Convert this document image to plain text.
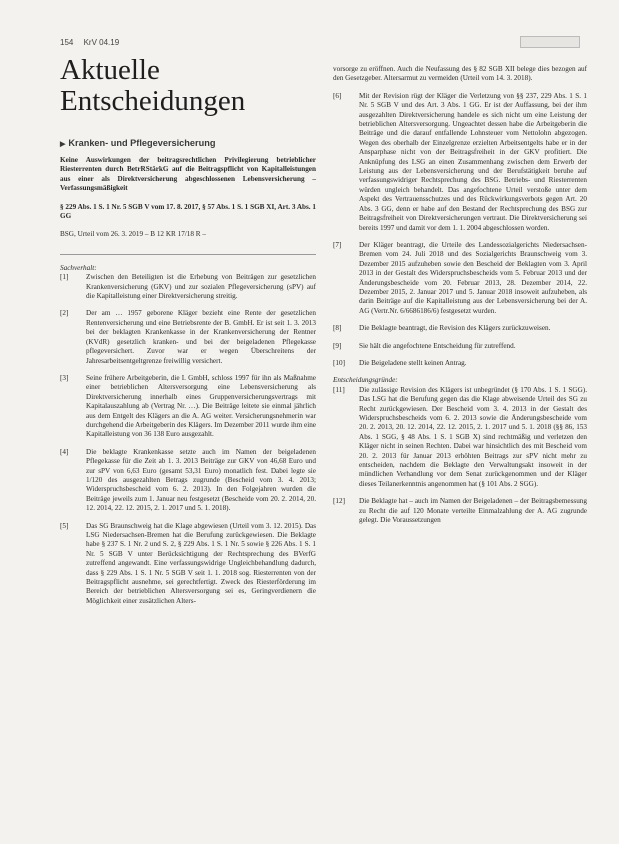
154 KrV 04.19
Aktuelle
Entscheidungen
▶ Kranken- und Pflegeversicherung

Keine Auswirkungen der beitragsrechtlichen Privilegierung betrieblicher Riesterrenten durch BetrRStärkG auf die Beitragspflicht von Kapitalleistungen aus einer als Direktversicherung abgeschlossenen Lebensversicherung – Verfassungsmäßigkeit

§ 229 Abs. 1 S. 1 Nr. 5 SGB V vom 17. 8. 2017, § 57 Abs. 1 S. 1 SGB XI, Art. 3 Abs. 1 GG

BSG, Urteil vom 26. 3. 2019 – B 12 KR 17/18 R –

Sachverhalt:

[1]	Zwischen den Beteiligten ist die Erhebung von Beiträgen zur gesetzlichen Krankenversicherung (GKV) und zur sozialen Pflegeversicherung (sPV) auf die Kapitalleistung einer Direktversicherung streitig.
[2]	Der am … 1957 geborene Kläger bezieht eine Rente der gesetzlichen Rentenversicherung und eine Betriebsrente der B. GmbH. Er ist seit 1. 3. 2013 bei der beklagten Krankenkasse in der Krankenversicherung der Rentner (KVdR) gesetzlich kranken- und bei der beigeladenen Pflegekasse pflegeversichert. Zuvor war er wegen Überschreitens der Jahresarbeitsentgeltgrenze freiwillig versichert.
[3]	Seine frühere Arbeitgeberin, die I. GmbH, schloss 1997 für ihn als Maßnahme einer betrieblichen Altersversorgung eine Lebensversicherung als Direktversicherung innerhalb eines Gruppenversicherungsvertrags mit Kapitalauszahlung ab (Vertrag Nr. …). Die Beiträge leitete sie einmal jährlich aus dem Entgelt des Klägers an die A. AG weiter. Versicherungsnehmerin war durchgehend die Arbeitgeberin des Klägers. Im Dezember 2011 wurde ihm eine Kapitalleistung von 36 138 Euro ausgezahlt.
[4]	Die beklagte Krankenkasse setzte auch im Namen der beigeladenen Pflegekasse für die Zeit ab 1. 3. 2013 Beiträge zur GKV von 46,68 Euro und zur sPV von 6,63 Euro (gesamt 53,31 Euro) monatlich fest. Dabei legte sie 1/120 des ausgezahlten Betrags zugrunde (Bescheid vom 3. 4. 2013; Widerspruchsbescheid vom 6. 2. 2013). In den Folgejahren wurden die Beiträge jeweils zum 1. Januar neu festgesetzt (Bescheide vom 20. 2. 2014, 20. 12. 2014, 22. 12. 2015, 2. 1. 2017 und 5. 1. 2018).
[5]	Das SG Braunschweig hat die Klage abgewiesen (Urteil vom 3. 12. 2015). Das LSG Niedersachsen-Bremen hat die Berufung zurückgewiesen. Die Beklagte habe § 237 S. 1 Nr. 2 und S. 2, § 229 Abs. 1 S. 1 Nr. 5 sowie § 226 Abs. 1 S. 1 Nr. 5 SGB V unter Berücksichtigung der Rechtsprechung des BVerfG zutreffend angewandt. Eine verfassungswidrige Ungleichbehandlung dadurch, dass § 229 Abs. 1 S. 1 Nr. 5 SGB V seit 1. 1. 2018 sog. Riesterrenten von der Beitragspflicht ausnehme, sei gerechtfertigt. Zweck des Riesterförderung im Bereich der betrieblichen Altersversorgung sei es, Geringverdienern die Möglichkeit einer zusätzlichen Alters-

vorsorge zu eröffnen. Auch die Neufassung des § 82 SGB XII belege dies bezogen auf den Gesetzgeber. Altersarmut zu vermeiden (Urteil vom 14. 3. 2018).

[6]	Mit der Revision rügt der Kläger die Verletzung von §§ 237, 229 Abs. 1 S. 1 Nr. 5 SGB V und des Art. 3 Abs. 1 GG. Er ist der Auffassung, bei der ihm ausgezahlten Direktversicherung handele es sich nicht um eine Leistung der betrieblichen Altersversorgung. Ungeachtet dessen habe die Arbeitgeberin die Beiträge und die darauf entfallende Lohnsteuer vom Nettolohn abgezogen. Wegen des oberhalb der Einzelgrenze erzielten Arbeitsentgelts habe er in der Ansparphase nicht von der Beitragsfreiheit in der GKV profitiert. Die Anknüpfung des LSG an einen Zusammenhang zwischen dem Erwerb der Leistung aus der Lebensversicherung und der Berufstätigkeit beruhe auf verfassungswidriger Rechtsprechung des BSG. Betriebs- und Riesterrenten würden ungleich behandelt. Das angefochtene Urteil verstoße unter dem Aspekt des Vertrauensschutzes und des Rückwirkungsverbots gegen Art. 20 Abs. 3 GG, denn er habe auf den Bestand der Rechtsprechung des BSG zur Beitragsfreiheit von Direktversicherungen vertraut. Die Direktversicherung sei bereits 1997 und damit vor dem 1. 1. 2004 abgeschlossen worden.
[7]	Der Kläger beantragt, die Urteile des Landessozialgerichts Niedersachsen-Bremen vom 24. Juli 2018 und des Sozialgerichts Braunschweig vom 3. Dezember 2015 aufzuheben sowie den Bescheid der Beklagten vom 3. April 2013 in der Gestalt des Widerspruchsbescheids vom 5. Februar 2013 und der Änderungsbescheide vom 20. Februar 2013, 28. Dezember 2014, 22. Dezember 2015, 2. Januar 2017 und 5. Januar 2018 insoweit aufzuheben, als darin Beiträge auf die Kapitalleistung aus der Lebensversicherung bei der A. AG (Vertr.Nr. 6/6686186/6) festgesetzt wurden.
[8]	Die Beklagte beantragt, die Revision des Klägers zurückzuweisen.
[9]	Sie hält die angefochtene Entscheidung für zutreffend.
[10]	Die Beigeladene stellt keinen Antrag.

Entscheidungsgründe:

[11]	Die zulässige Revision des Klägers ist unbegründet (§ 170 Abs. 1 S. 1 SGG). Das LSG hat die Berufung gegen das die Klage abweisende Urteil des SG zu Recht zurückgewiesen. Der Bescheid vom 3. 4. 2013 in der Gestalt des Widerspruchsbescheids vom 6. 2. 2013 sowie die Änderungsbescheide vom 20. 2. 2013, 20. 12. 2014, 22. 12. 2015, 2. 1. 2017 und 5. 1. 2018 (§§ 86, 153 Abs. 1 SGG, § 48 Abs. 1 S. 1 SGB X) sind rechtmäßig und verletzen den Kläger nicht in seinen Rechten. Dabei war hinsichtlich des mit Bescheid vom 20. 2. 2013 für Januar 2013 erhöhten Beitrags zur sPV nicht mehr zu entscheiden, nachdem die Beklagte den Verwaltungsakt insoweit in der mündlichen Verhandlung vor dem Senat zurückgenommen und der Kläger dieses Teilanerkenntnis angenommen hat (§ 101 Abs. 2 SGG).
[12]	Die Beklagte hat – auch im Namen der Beigeladenen – der Beitragsbemessung zu Recht die auf 120 Monate verteilte Einmalzahlung der A. AG zugrunde gelegt. Die Voraussetzungen
